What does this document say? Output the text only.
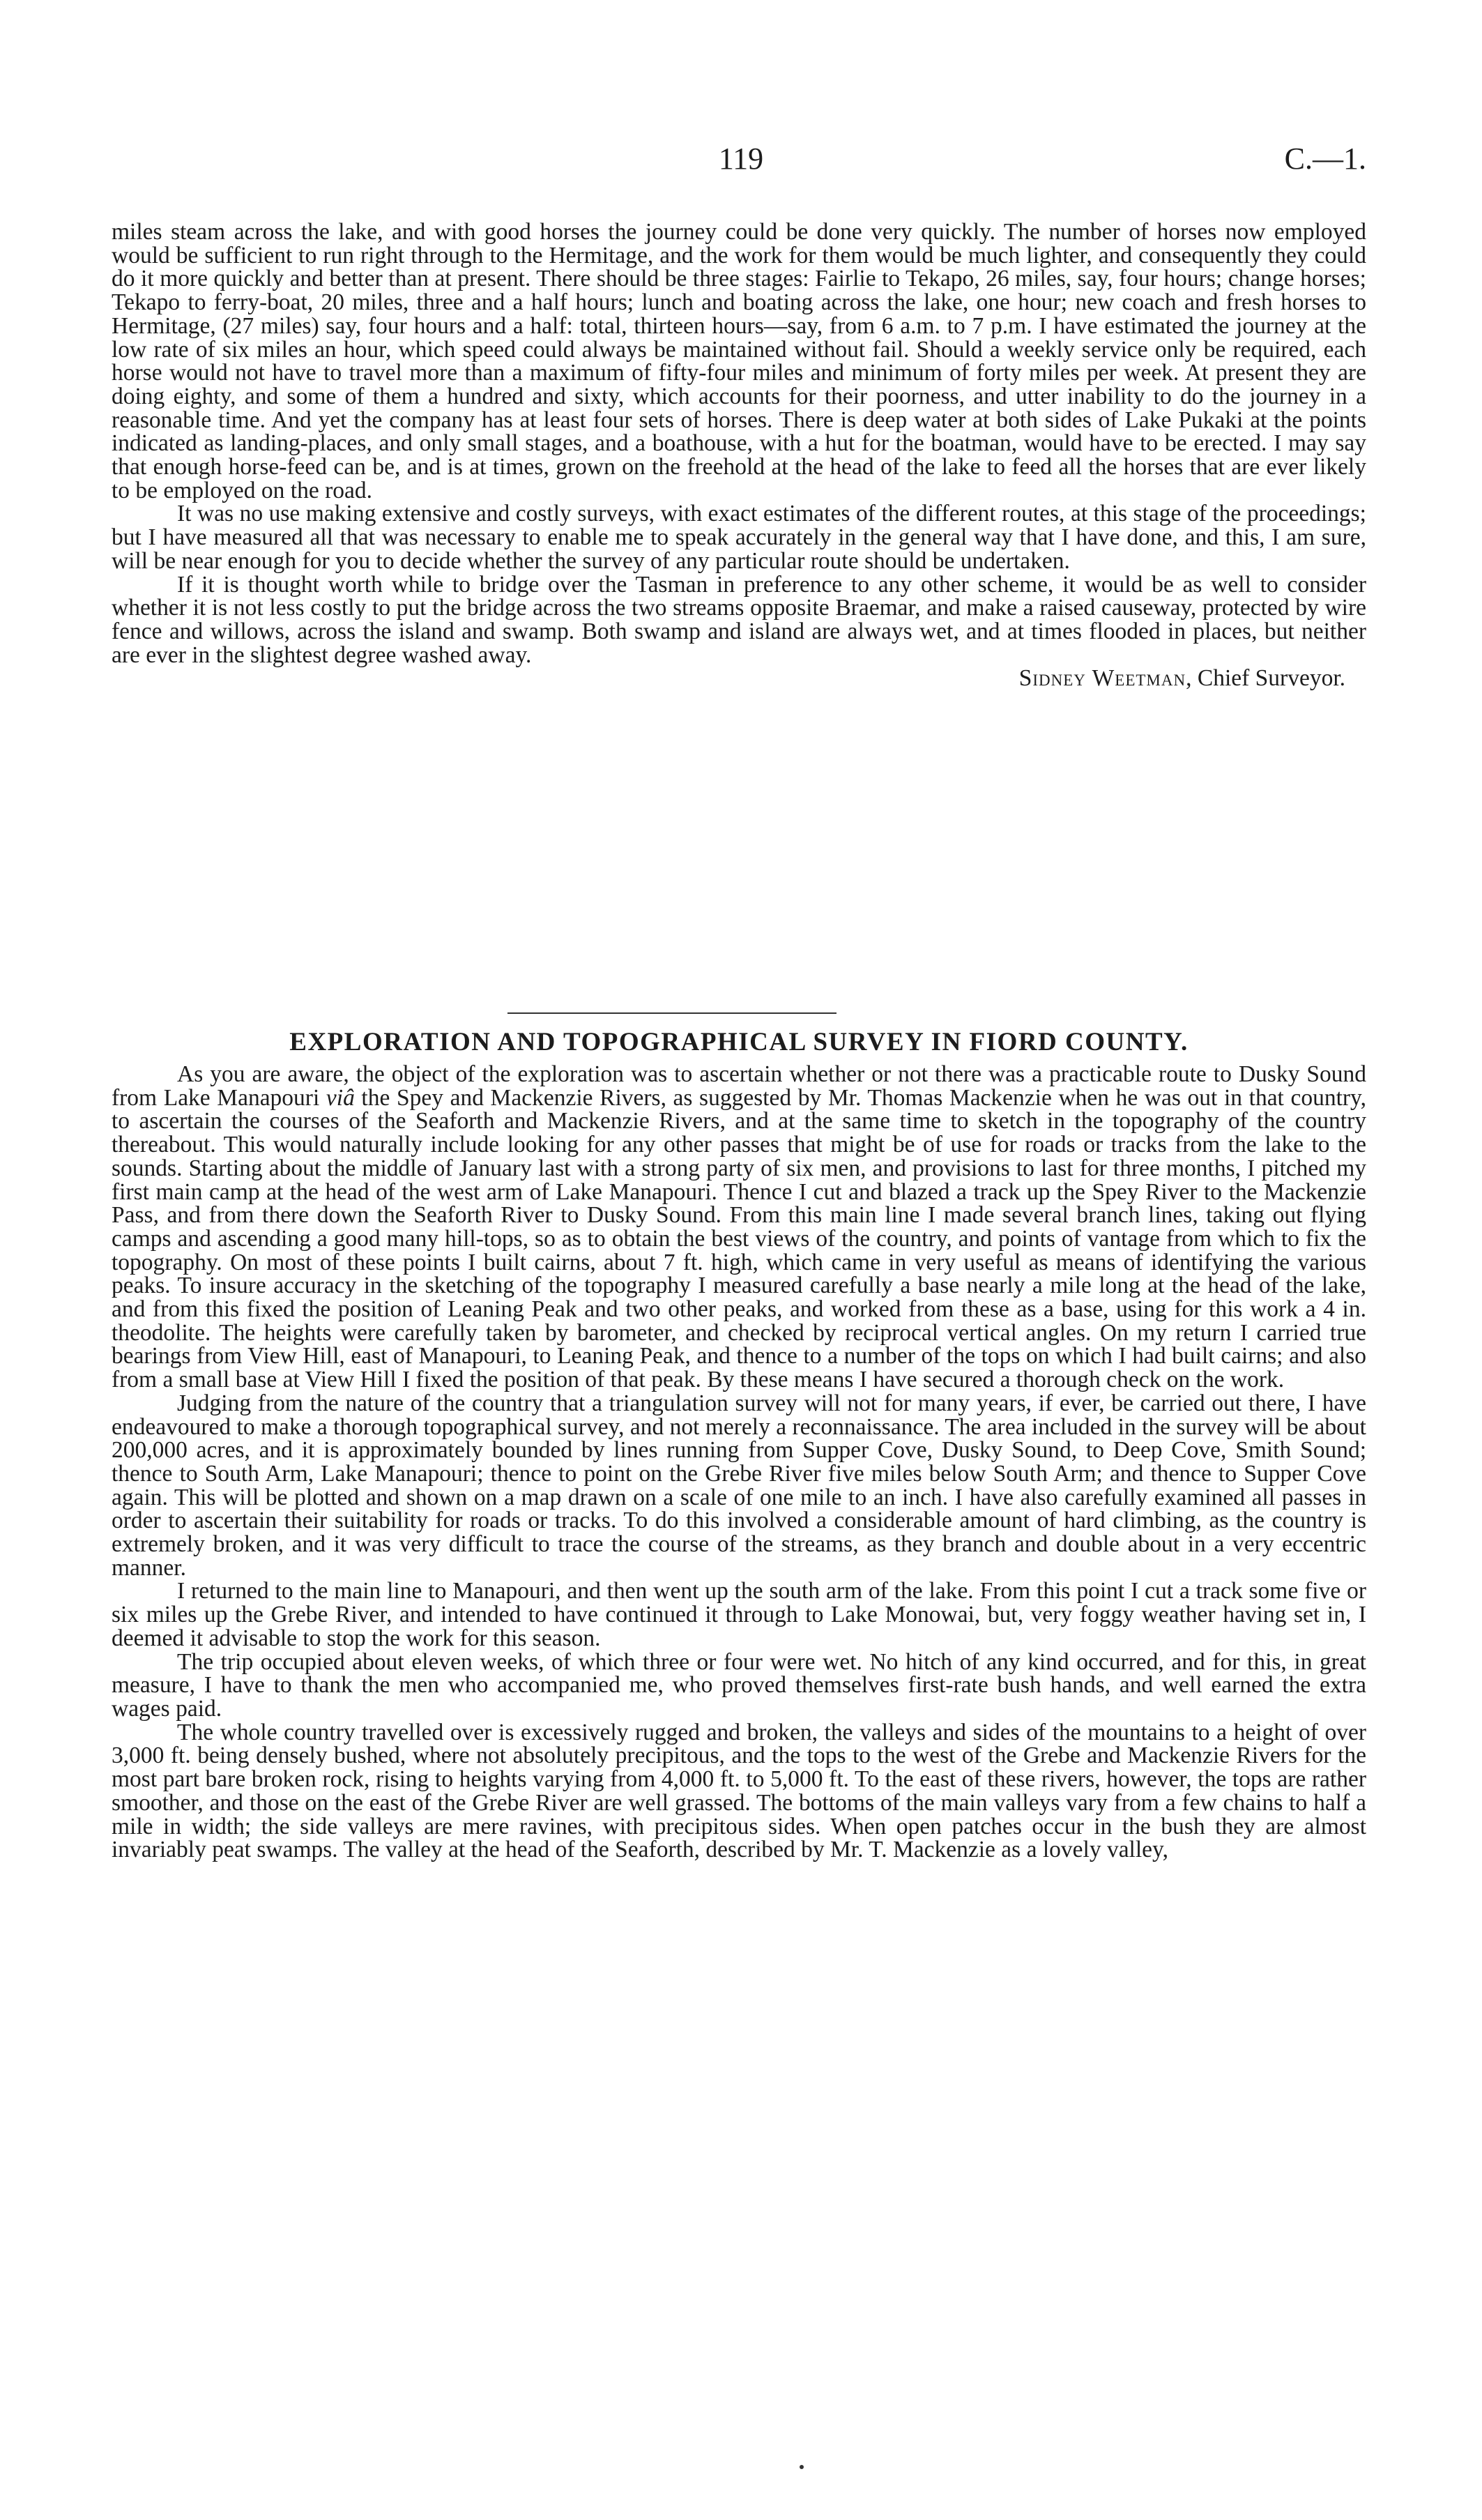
119	C.—1.

miles steam across the lake, and with good horses the journey could be done very quickly. The number of horses now employed would be sufficient to run right through to the Hermitage, and the work for them would be much lighter, and consequently they could do it more quickly and better than at present. There should be three stages: Fairlie to Tekapo, 26 miles, say, four hours; change horses; Tekapo to ferry-boat, 20 miles, three and a half hours; lunch and boating across the lake, one hour; new coach and fresh horses to Hermitage, (27 miles) say, four hours and a half: total, thirteen hours—say, from 6 a.m. to 7 p.m. I have estimated the journey at the low rate of six miles an hour, which speed could always be maintained without fail. Should a weekly service only be required, each horse would not have to travel more than a maximum of fifty-four miles and minimum of forty miles per week. At present they are doing eighty, and some of them a hundred and sixty, which accounts for their poorness, and utter inability to do the journey in a reasonable time. And yet the company has at least four sets of horses. There is deep water at both sides of Lake Pukaki at the points indicated as landing-places, and only small stages, and a boathouse, with a hut for the boatman, would have to be erected. I may say that enough horse-feed can be, and is at times, grown on the freehold at the head of the lake to feed all the horses that are ever likely to be employed on the road.

It was no use making extensive and costly surveys, with exact estimates of the different routes, at this stage of the proceedings; but I have measured all that was necessary to enable me to speak accurately in the general way that I have done, and this, I am sure, will be near enough for you to decide whether the survey of any particular route should be undertaken.

If it is thought worth while to bridge over the Tasman in preference to any other scheme, it would be as well to consider whether it is not less costly to put the bridge across the two streams opposite Braemar, and make a raised causeway, protected by wire fence and willows, across the island and swamp. Both swamp and island are always wet, and at times flooded in places, but neither are ever in the slightest degree washed away.

Sidney Weetman, Chief Surveyor.

EXPLORATION AND TOPOGRAPHICAL SURVEY IN FIORD COUNTY.

As you are aware, the object of the exploration was to ascertain whether or not there was a practicable route to Dusky Sound from Lake Manapouri viâ the Spey and Mackenzie Rivers, as suggested by Mr. Thomas Mackenzie when he was out in that country, to ascertain the courses of the Seaforth and Mackenzie Rivers, and at the same time to sketch in the topography of the country thereabout. This would naturally include looking for any other passes that might be of use for roads or tracks from the lake to the sounds. Starting about the middle of January last with a strong party of six men, and provisions to last for three months, I pitched my first main camp at the head of the west arm of Lake Manapouri. Thence I cut and blazed a track up the Spey River to the Mackenzie Pass, and from there down the Seaforth River to Dusky Sound. From this main line I made several branch lines, taking out flying camps and ascending a good many hill-tops, so as to obtain the best views of the country, and points of vantage from which to fix the topography. On most of these points I built cairns, about 7 ft. high, which came in very useful as means of identifying the various peaks. To insure accuracy in the sketching of the topography I measured carefully a base nearly a mile long at the head of the lake, and from this fixed the position of Leaning Peak and two other peaks, and worked from these as a base, using for this work a 4 in. theodolite. The heights were carefully taken by barometer, and checked by reciprocal vertical angles. On my return I carried true bearings from View Hill, east of Manapouri, to Leaning Peak, and thence to a number of the tops on which I had built cairns; and also from a small base at View Hill I fixed the position of that peak. By these means I have secured a thorough check on the work.

Judging from the nature of the country that a triangulation survey will not for many years, if ever, be carried out there, I have endeavoured to make a thorough topographical survey, and not merely a reconnaissance. The area included in the survey will be about 200,000 acres, and it is approximately bounded by lines running from Supper Cove, Dusky Sound, to Deep Cove, Smith Sound; thence to South Arm, Lake Manapouri; thence to point on the Grebe River five miles below South Arm; and thence to Supper Cove again. This will be plotted and shown on a map drawn on a scale of one mile to an inch. I have also carefully examined all passes in order to ascertain their suitability for roads or tracks. To do this involved a considerable amount of hard climbing, as the country is extremely broken, and it was very difficult to trace the course of the streams, as they branch and double about in a very eccentric manner.

I returned to the main line to Manapouri, and then went up the south arm of the lake. From this point I cut a track some five or six miles up the Grebe River, and intended to have continued it through to Lake Monowai, but, very foggy weather having set in, I deemed it advisable to stop the work for this season.

The trip occupied about eleven weeks, of which three or four were wet. No hitch of any kind occurred, and for this, in great measure, I have to thank the men who accompanied me, who proved themselves first-rate bush hands, and well earned the extra wages paid.

The whole country travelled over is excessively rugged and broken, the valleys and sides of the mountains to a height of over 3,000 ft. being densely bushed, where not absolutely precipitous, and the tops to the west of the Grebe and Mackenzie Rivers for the most part bare broken rock, rising to heights varying from 4,000 ft. to 5,000 ft. To the east of these rivers, however, the tops are rather smoother, and those on the east of the Grebe River are well grassed. The bottoms of the main valleys vary from a few chains to half a mile in width; the side valleys are mere ravines, with precipitous sides. When open patches occur in the bush they are almost invariably peat swamps. The valley at the head of the Seaforth, described by Mr. T. Mackenzie as a lovely valley,
